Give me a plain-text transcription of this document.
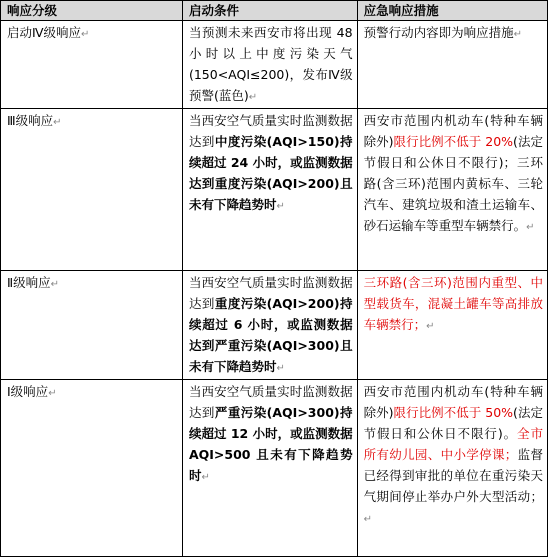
响应分级	启动条件	应急响应措施
启动Ⅳ级响应↵	当预测未来西安市将出现 48 小时以上中度污染天气(150<AQI≤200)，发布Ⅳ级预警(蓝色)↵	预警行动内容即为响应措施↵

Ⅲ级响应↵	当西安空气质量实时监测数据达到中度污染(AQI>150)持续超过 24 小时，或监测数据达到重度污染(AQI>200)且未有下降趋势时↵	西安市范围内机动车(特种车辆除外)限行比例不低于 20%(法定节假日和公休日不限行)；三环路(含三环)范围内黄标车、三轮汽车、建筑垃圾和渣土运输车、砂石运输车等重型车辆禁行。↵

Ⅱ级响应↵	当西安空气质量实时监测数据达到重度污染(AQI>200)持续超过 6 小时，或监测数据达到严重污染(AQI>300)且未有下降趋势时↵	三环路(含三环)范围内重型、中型载货车，混凝土罐车等高排放车辆禁行；↵

Ⅰ级响应↵	当西安空气质量实时监测数据达到严重污染(AQI>300)持续超过 12 小时，或监测数据 AQI>500 且未有下降趋势时↵	西安市范围内机动车(特种车辆除外)限行比例不低于 50%(法定节假日和公休日不限行)。全市所有幼儿园、中小学停课；监督已经得到审批的单位在重污染天气期间停止举办户外大型活动；↵
